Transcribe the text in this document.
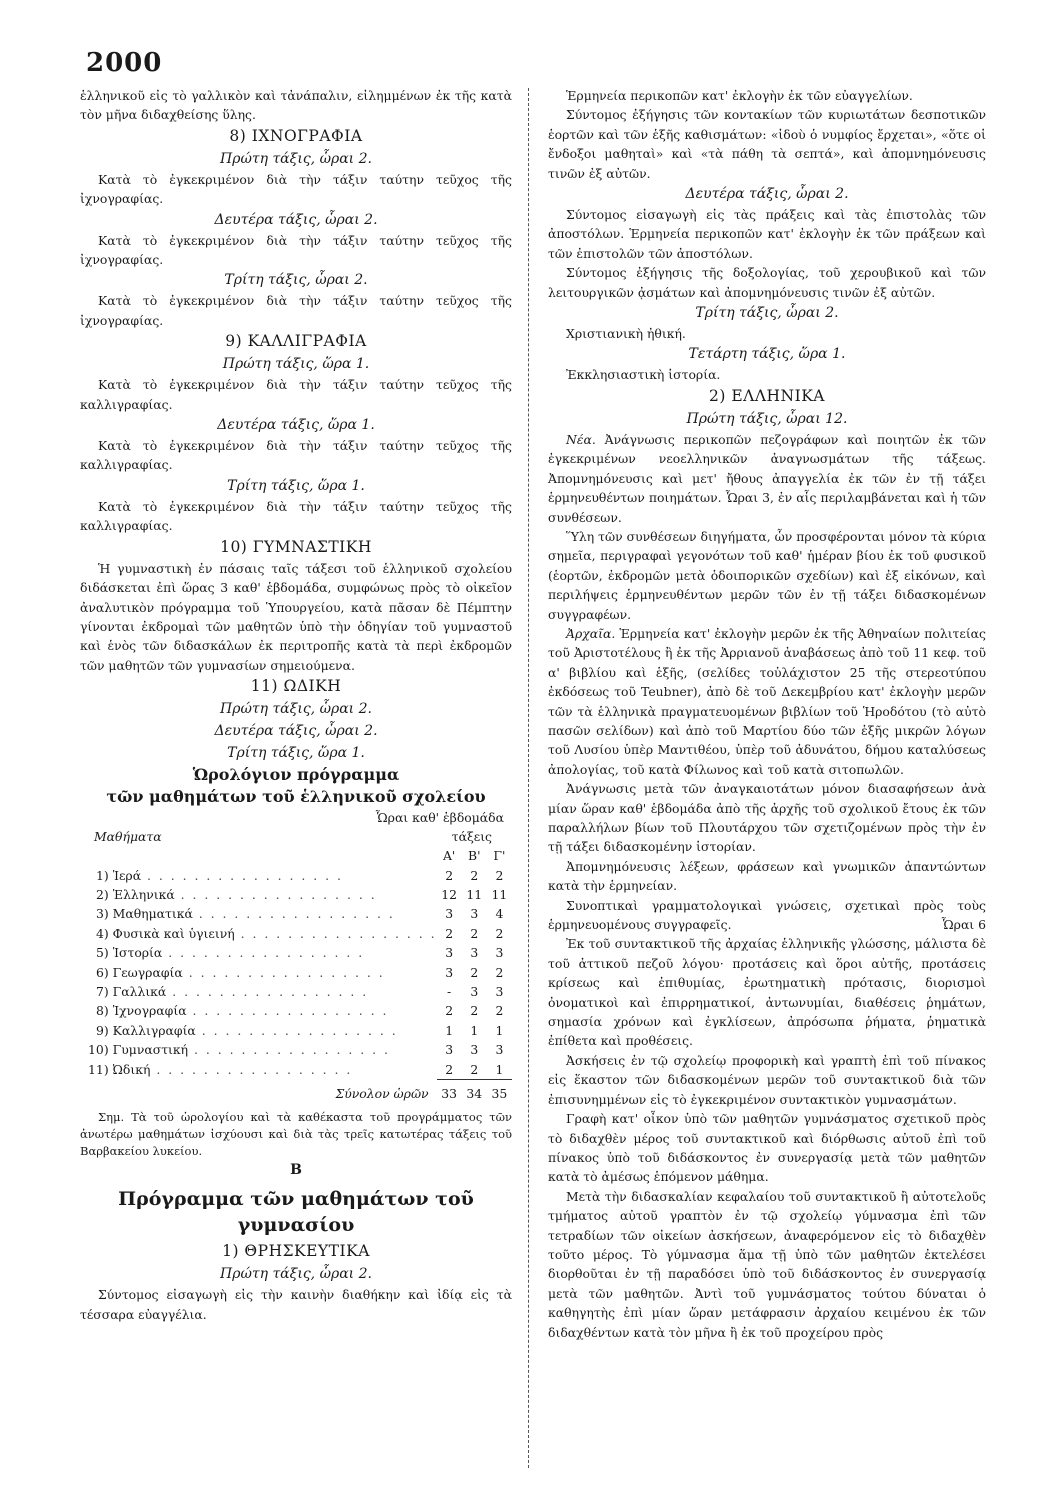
2000

ἑλληνικοῦ εἰς τὸ γαλλικὸν καὶ τἀνάπαλιν, εἰλημμένων ἐκ τῆς κατὰ τὸν μῆνα διδαχθείσης ὕλης.

8) ΙΧΝΟΓΡΑΦΙΑ
Πρώτη τάξις, ὧραι 2.

Κατὰ τὸ ἐγκεκριμένον διὰ τὴν τάξιν ταύτην τεῦχος τῆς ἰχνογραφίας.

Δευτέρα τάξις, ὧραι 2.

Κατὰ τὸ ἐγκεκριμένον διὰ τὴν τάξιν ταύτην τεῦχος τῆς ἰχνογραφίας.

Τρίτη τάξις, ὧραι 2.

Κατὰ τὸ ἐγκεκριμένον διὰ τὴν τάξιν ταύτην τεῦχος τῆς ἰχνογραφίας.

9) ΚΑΛΛΙΓΡΑΦΙΑ
Πρώτη τάξις, ὥρα 1.

Κατὰ τὸ ἐγκεκριμένον διὰ τὴν τάξιν ταύτην τεῦχος τῆς καλλιγραφίας.

Δευτέρα τάξις, ὥρα 1.

Κατὰ τὸ ἐγκεκριμένον διὰ τὴν τάξιν ταύτην τεῦχος τῆς καλλιγραφίας.

Τρίτη τάξις, ὥρα 1.

Κατὰ τὸ ἐγκεκριμένον διὰ τὴν τάξιν ταύτην τεῦχος τῆς καλλιγραφίας.

10) ΓΥΜΝΑΣΤΙΚΗ

Ἡ γυμναστικὴ ἐν πάσαις ταῖς τάξεσι τοῦ ἑλληνικοῦ σχολείου διδάσκεται ἐπὶ ὥρας 3 καθ' ἑβδομάδα, συμφώνως πρὸς τὸ οἰκεῖον ἀναλυτικὸν πρόγραμμα τοῦ Ὑπουργείου, κατὰ πᾶσαν δὲ Πέμπτην γίνονται ἐκδρομαὶ τῶν μαθητῶν ὑπὸ τὴν ὁδηγίαν τοῦ γυμναστοῦ καὶ ἑνὸς τῶν διδασκάλων ἐκ περιτροπῆς κατὰ τὰ περὶ ἐκδρομῶν τῶν μαθητῶν τῶν γυμνασίων σημειούμενα.

11) ΩΔΙΚΗ
Πρώτη τάξις, ὧραι 2.
Δευτέρα τάξις, ὧραι 2.
Τρίτη τάξις, ὥρα 1.
Ὡρολόγιον πρόγραμμα
τῶν μαθημάτων τοῦ ἑλληνικοῦ σχολείου
Ὧραι καθ' ἑβδομάδα
Μαθήματα	τάξεις
		Α'	Β'	Γ'
1)	Ἱερά . . . . . . . . . . . . . . . . .	2	2	2
2)	Ἑλληνικά . . . . . . . . . . . . . . . . .	12	11	11
3)	Μαθηματικά . . . . . . . . . . . . . . . . .	3	3	4
4)	Φυσικὰ καὶ ὑγιεινή . . . . . . . . . . . . . . . . .	2	2	2
5)	Ἱστορία . . . . . . . . . . . . . . . . .	3	3	3
6)	Γεωγραφία . . . . . . . . . . . . . . . . .	3	2	2
7)	Γαλλικά . . . . . . . . . . . . . . . . .	-	3	3
8)	Ἰχνογραφία . . . . . . . . . . . . . . . . .	2	2	2
9)	Καλλιγραφία . . . . . . . . . . . . . . . . .	1	1	1
10)	Γυμναστική . . . . . . . . . . . . . . . . .	3	3	3
11)	Ὠδική . . . . . . . . . . . . . . . . .	2	2	1
	Σύνολον ὡρῶν	33	34	35

Σημ. Τὰ τοῦ ὡρολογίου καὶ τὰ καθέκαστα τοῦ προγράμματος τῶν ἀνωτέρω μαθημάτων ἰσχύουσι καὶ διὰ τὰς τρεῖς κατωτέρας τάξεις τοῦ Βαρβακείου λυκείου.

Β
Πρόγραμμα τῶν μαθημάτων τοῦ γυμνασίου
1) ΘΡΗΣΚΕΥΤΙΚΑ
Πρώτη τάξις, ὧραι 2.

Σύντομος εἰσαγωγὴ εἰς τὴν καινὴν διαθήκην καὶ ἰδίᾳ εἰς τὰ τέσσαρα εὐαγγέλια.

Ἑρμηνεία περικοπῶν κατ' ἐκλογὴν ἐκ τῶν εὐαγγελίων.

Σύντομος ἐξήγησις τῶν κοντακίων τῶν κυριωτάτων δεσποτικῶν ἑορτῶν καὶ τῶν ἑξῆς καθισμάτων: «ἰδοὺ ὁ νυμφίος ἔρχεται», «ὅτε οἱ ἔνδοξοι μαθηταὶ» καὶ «τὰ πάθη τὰ σεπτά», καὶ ἀπομνημόνευσις τινῶν ἐξ αὐτῶν.

Δευτέρα τάξις, ὧραι 2.

Σύντομος εἰσαγωγὴ εἰς τὰς πράξεις καὶ τὰς ἐπιστολὰς τῶν ἀποστόλων. Ἑρμηνεία περικοπῶν κατ' ἐκλογὴν ἐκ τῶν πράξεων καὶ τῶν ἐπιστολῶν τῶν ἀποστόλων.

Σύντομος ἐξήγησις τῆς δοξολογίας, τοῦ χερουβικοῦ καὶ τῶν λειτουργικῶν ᾀσμάτων καὶ ἀπομνημόνευσις τινῶν ἐξ αὐτῶν.

Τρίτη τάξις, ὧραι 2.

Χριστιανικὴ ἠθική.

Τετάρτη τάξις, ὥρα 1.

Ἐκκλησιαστικὴ ἱστορία.

2) ΕΛΛΗΝΙΚΑ
Πρώτη τάξις, ὧραι 12.

Νέα. Ἀνάγνωσις περικοπῶν πεζογράφων καὶ ποιητῶν ἐκ τῶν ἐγκεκριμένων νεοελληνικῶν ἀναγνωσμάτων τῆς τάξεως. Ἀπομνημόνευσις καὶ μετ' ἤθους ἀπαγγελία ἐκ τῶν ἐν τῇ τάξει ἑρμηνευθέντων ποιημάτων. Ὧραι 3, ἐν αἷς περιλαμβάνεται καὶ ἡ τῶν συνθέσεων.

Ὕλη τῶν συνθέσεων διηγήματα, ὧν προσφέρονται μόνον τὰ κύρια σημεῖα, περιγραφαὶ γεγονότων τοῦ καθ' ἡμέραν βίου ἐκ τοῦ φυσικοῦ (ἑορτῶν, ἐκδρομῶν μετὰ ὁδοιπορικῶν σχεδίων) καὶ ἐξ εἰκόνων, καὶ περιλήψεις ἑρμηνευθέντων μερῶν τῶν ἐν τῇ τάξει διδασκομένων συγγραφέων.

Ἀρχαῖα. Ἑρμηνεία κατ' ἐκλογὴν μερῶν ἐκ τῆς Ἀθηναίων πολιτείας τοῦ Ἀριστοτέλους ἢ ἐκ τῆς Ἀρριανοῦ ἀναβάσεως ἀπὸ τοῦ 11 κεφ. τοῦ α' βιβλίου καὶ ἑξῆς, (σελίδες τοὐλάχιστον 25 τῆς στερεοτύπου ἐκδόσεως τοῦ Teubner), ἀπὸ δὲ τοῦ Δεκεμβρίου κατ' ἐκλογὴν μερῶν τῶν τὰ ἑλληνικὰ πραγματευομένων βιβλίων τοῦ Ἡροδότου (τὸ αὐτὸ πασῶν σελίδων) καὶ ἀπὸ τοῦ Μαρτίου δύο τῶν ἑξῆς μικρῶν λόγων τοῦ Λυσίου ὑπὲρ Μαντιθέου, ὑπὲρ τοῦ ἀδυνάτου, δήμου καταλύσεως ἀπολογίας, τοῦ κατὰ Φίλωνος καὶ τοῦ κατὰ σιτοπωλῶν.

Ἀνάγνωσις μετὰ τῶν ἀναγκαιοτάτων μόνον διασαφήσεων ἀνὰ μίαν ὥραν καθ' ἑβδομάδα ἀπὸ τῆς ἀρχῆς τοῦ σχολικοῦ ἔτους ἐκ τῶν παραλλήλων βίων τοῦ Πλουτάρχου τῶν σχετιζομένων πρὸς τὴν ἐν τῇ τάξει διδασκομένην ἱστορίαν.

Ἀπομνημόνευσις λέξεων, φράσεων καὶ γνωμικῶν ἀπαντώντων κατὰ τὴν ἑρμηνείαν.

Συνοπτικαὶ γραμματολογικαὶ γνώσεις, σχετικαὶ πρὸς τοὺς ἑρμηνευομένους συγγραφεῖς.	Ὧραι 6

Ἐκ τοῦ συντακτικοῦ τῆς ἀρχαίας ἑλληνικῆς γλώσσης, μάλιστα δὲ τοῦ ἀττικοῦ πεζοῦ λόγου· προτάσεις καὶ ὅροι αὐτῆς, προτάσεις κρίσεως καὶ ἐπιθυμίας, ἐρωτηματικὴ πρότασις, διορισμοὶ ὀνοματικοὶ καὶ ἐπιρρηματικοί, ἀντωνυμίαι, διαθέσεις ῥημάτων, σημασία χρόνων καὶ ἐγκλίσεων, ἀπρόσωπα ῥήματα, ῥηματικὰ ἐπίθετα καὶ προθέσεις.

Ἀσκήσεις ἐν τῷ σχολείῳ προφορικὴ καὶ γραπτὴ ἐπὶ τοῦ πίνακος εἰς ἕκαστον τῶν διδασκομένων μερῶν τοῦ συντακτικοῦ διὰ τῶν ἐπισυνημμένων εἰς τὸ ἐγκεκριμένον συντακτικὸν γυμνασμάτων.

Γραφὴ κατ' οἶκον ὑπὸ τῶν μαθητῶν γυμνάσματος σχετικοῦ πρὸς τὸ διδαχθὲν μέρος τοῦ συντακτικοῦ καὶ διόρθωσις αὐτοῦ ἐπὶ τοῦ πίνακος ὑπὸ τοῦ διδάσκοντος ἐν συνεργασίᾳ μετὰ τῶν μαθητῶν κατὰ τὸ ἀμέσως ἑπόμενον μάθημα.

Μετὰ τὴν διδασκαλίαν κεφαλαίου τοῦ συντακτικοῦ ἢ αὐτοτελοῦς τμήματος αὐτοῦ γραπτὸν ἐν τῷ σχολείῳ γύμνασμα ἐπὶ τῶν τετραδίων τῶν οἰκείων ἀσκήσεων, ἀναφερόμενον εἰς τὸ διδαχθὲν τοῦτο μέρος. Τὸ γύμνασμα ἅμα τῇ ὑπὸ τῶν μαθητῶν ἐκτελέσει διορθοῦται ἐν τῇ παραδόσει ὑπὸ τοῦ διδάσκοντος ἐν συνεργασίᾳ μετὰ τῶν μαθητῶν. Ἀντὶ τοῦ γυμνάσματος τούτου δύναται ὁ καθηγητὴς ἐπὶ μίαν ὥραν μετάφρασιν ἀρχαίου κειμένου ἐκ τῶν διδαχθέντων κατὰ τὸν μῆνα ἢ ἐκ τοῦ προχείρου πρὸς
